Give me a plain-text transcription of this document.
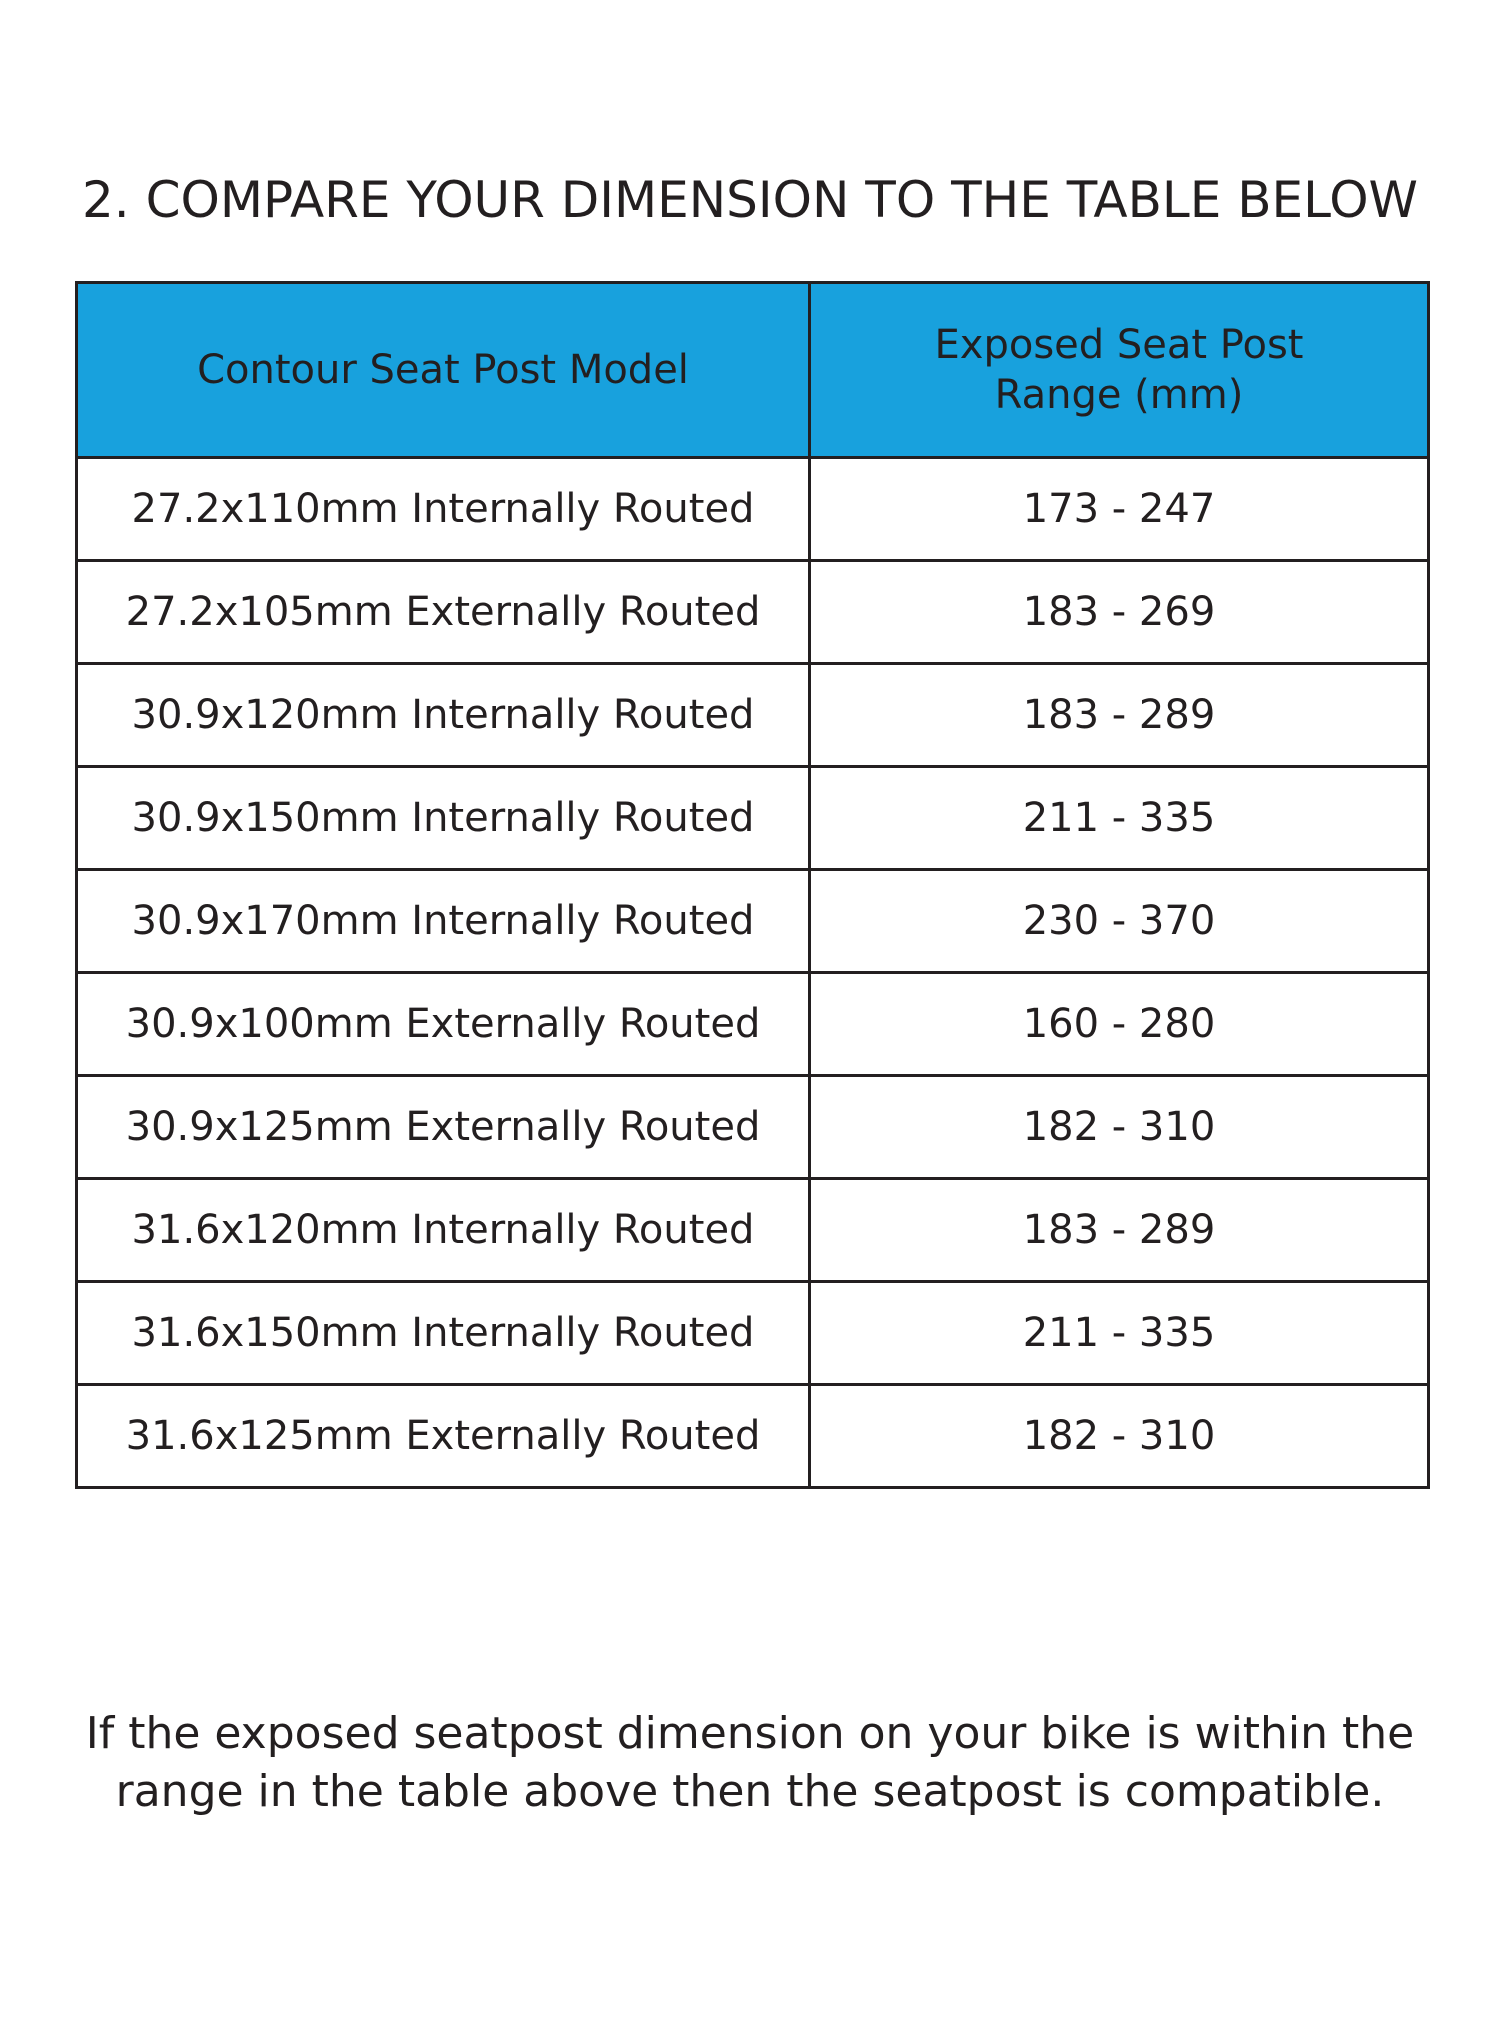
2. COMPARE YOUR DIMENSION TO THE TABLE BELOW
Contour Seat Post Model	Exposed Seat Post
Range (mm)

27.2x110mm Internally Routed	173 - 247
27.2x105mm Externally Routed	183 - 269
30.9x120mm Internally Routed	183 - 289
30.9x150mm Internally Routed	211 - 335
30.9x170mm Internally Routed	230 - 370
30.9x100mm Externally Routed	160 - 280
30.9x125mm Externally Routed	182 - 310
31.6x120mm Internally Routed	183 - 289
31.6x150mm Internally Routed	211 - 335
31.6x125mm Externally Routed	182 - 310

If the exposed seatpost dimension on your bike is within the
range in the table above then the seatpost is compatible.
